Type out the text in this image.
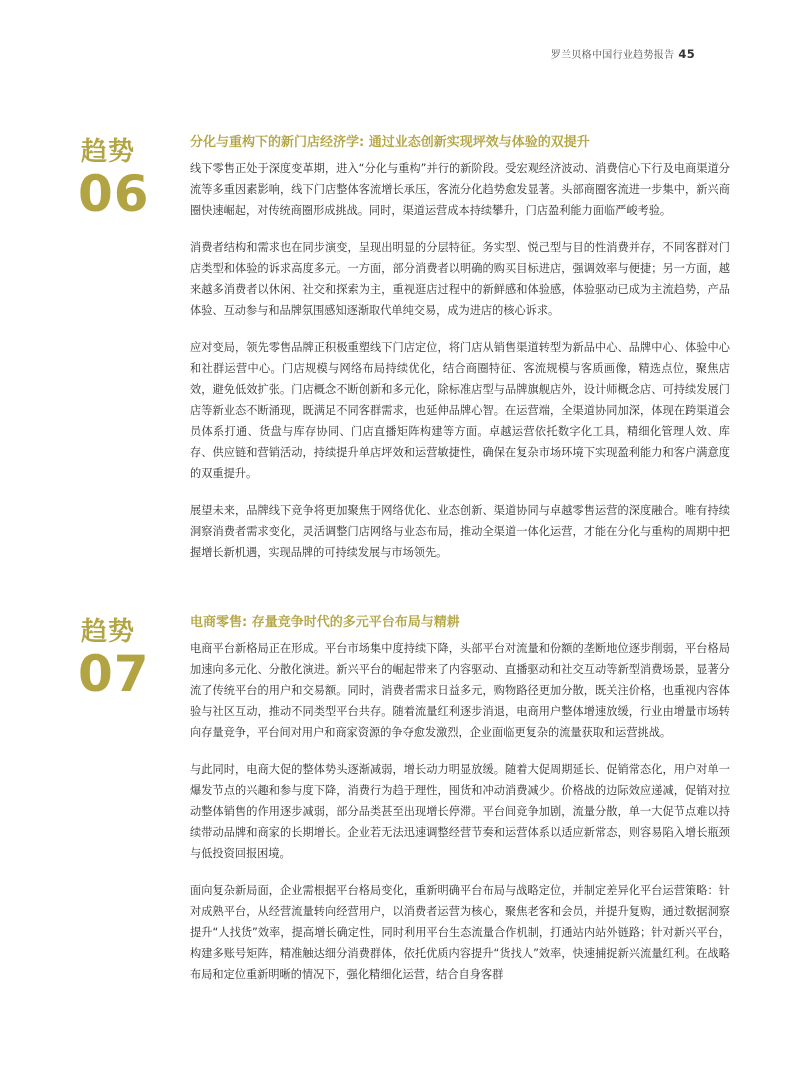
罗兰贝格中国行业趋势报告 45
趋势
06
分化与重构下的新门店经济学: 通过业态创新实现坪效与体验的双提升

线下零售正处于深度变革期，进入“分化与重构”并行的新阶段。受宏观经济波动、消费信心下行及电商渠道分流等多重因素影响，线下门店整体客流增长承压，客流分化趋势愈发显著。头部商圈客流进一步集中，新兴商圈快速崛起，对传统商圈形成挑战。同时，渠道运营成本持续攀升，门店盈利能力面临严峻考验。

消费者结构和需求也在同步演变，呈现出明显的分层特征。务实型、悦己型与目的性消费并存，不同客群对门店类型和体验的诉求高度多元。一方面，部分消费者以明确的购买目标进店，强调效率与便捷；另一方面，越来越多消费者以休闲、社交和探索为主，重视逛店过程中的新鲜感和体验感，体验驱动已成为主流趋势，产品体验、互动参与和品牌氛围感知逐渐取代单纯交易，成为进店的核心诉求。

应对变局，领先零售品牌正积极重塑线下门店定位，将门店从销售渠道转型为新品中心、品牌中心、体验中心和社群运营中心。门店规模与网络布局持续优化，结合商圈特征、客流规模与客质画像，精选点位，聚焦店效，避免低效扩张。门店概念不断创新和多元化，除标准店型与品牌旗舰店外，设计师概念店、可持续发展门店等新业态不断涌现，既满足不同客群需求，也延伸品牌心智。在运营端，全渠道协同加深，体现在跨渠道会员体系打通、货盘与库存协同、门店直播矩阵构建等方面。卓越运营依托数字化工具，精细化管理人效、库存、供应链和营销活动，持续提升单店坪效和运营敏捷性，确保在复杂市场环境下实现盈利能力和客户满意度的双重提升。

展望未来，品牌线下竞争将更加聚焦于网络优化、业态创新、渠道协同与卓越零售运营的深度融合。唯有持续洞察消费者需求变化，灵活调整门店网络与业态布局，推动全渠道一体化运营，才能在分化与重构的周期中把握增长新机遇，实现品牌的可持续发展与市场领先。

趋势
07
电商零售: 存量竞争时代的多元平台布局与精耕

电商平台新格局正在形成。平台市场集中度持续下降，头部平台对流量和份额的垄断地位逐步削弱，平台格局加速向多元化、分散化演进。新兴平台的崛起带来了内容驱动、直播驱动和社交互动等新型消费场景，显著分流了传统平台的用户和交易额。同时，消费者需求日益多元，购物路径更加分散，既关注价格，也重视内容体验与社区互动，推动不同类型平台共存。随着流量红利逐步消退，电商用户整体增速放缓，行业由增量市场转向存量竞争，平台间对用户和商家资源的争夺愈发激烈，企业面临更复杂的流量获取和运营挑战。

与此同时，电商大促的整体势头逐渐减弱，增长动力明显放缓。随着大促周期延长、促销常态化，用户对单一爆发节点的兴趣和参与度下降，消费行为趋于理性，囤货和冲动消费减少。价格战的边际效应递减，促销对拉动整体销售的作用逐步减弱，部分品类甚至出现增长停滞。平台间竞争加剧，流量分散，单一大促节点难以持续带动品牌和商家的长期增长。企业若无法迅速调整经营节奏和运营体系以适应新常态，则容易陷入增长瓶颈与低投资回报困境。

面向复杂新局面，企业需根据平台格局变化，重新明确平台布局与战略定位，并制定差异化平台运营策略：针对成熟平台，从经营流量转向经营用户，以消费者运营为核心，聚焦老客和会员，并提升复购，通过数据洞察提升“人找货”效率，提高增长确定性，同时利用平台生态流量合作机制，打通站内站外链路；针对新兴平台，构建多账号矩阵，精准触达细分消费群体，依托优质内容提升“货找人”效率，快速捕捉新兴流量红利。在战略布局和定位重新明晰的情况下，强化精细化运营，结合自身客群
